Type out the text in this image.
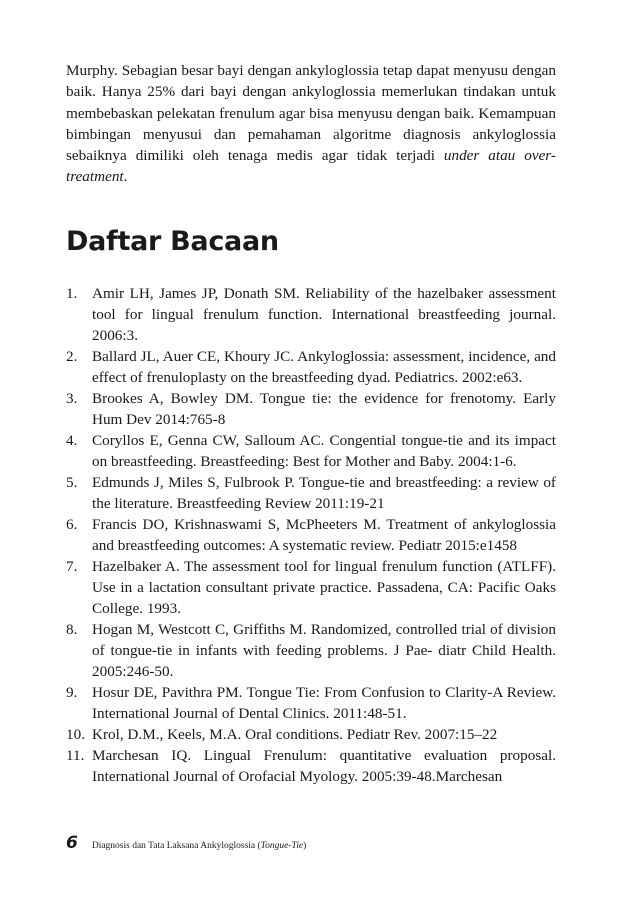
Murphy. Sebagian besar bayi dengan ankyloglossia tetap dapat menyusu dengan baik. Hanya 25% dari bayi dengan ankyloglossia memerlukan tindakan untuk membebaskan pelekatan frenulum agar bisa menyusu dengan baik. Kemampuan bimbingan menyusui dan pemahaman algoritme diagnosis ankyloglossia sebaiknya dimiliki oleh tenaga medis agar tidak terjadi under atau over-treatment.

Daftar Bacaan
1. Amir LH, James JP, Donath SM. Reliability of the hazelbaker assessment tool for lingual frenulum function. International breastfeeding journal. 2006:3.
2. Ballard JL, Auer CE, Khoury JC. Ankyloglossia: assessment, incidence, and effect of frenuloplasty on the breastfeeding dyad. Pediatrics. 2002:e63.
3. Brookes A, Bowley DM. Tongue tie: the evidence for frenotomy. Early Hum Dev 2014:765-8
4. Coryllos E, Genna CW, Salloum AC. Congential tongue-tie and its impact on breastfeeding. Breastfeeding: Best for Mother and Baby. 2004:1-6.
5. Edmunds J, Miles S, Fulbrook P. Tongue-tie and breastfeeding: a review of the literature. Breastfeeding Review 2011:19-21
6. Francis DO, Krishnaswami S, McPheeters M. Treatment of ankyloglossia and breastfeeding outcomes: A systematic review. Pediatr 2015:e1458
7. Hazelbaker A. The assessment tool for lingual frenulum function (ATLFF). Use in a lactation consultant private practice. Passadena, CA: Pacific Oaks College. 1993.
8. Hogan M, Westcott C, Griffiths M. Randomized, controlled trial of division of tongue-tie in infants with feeding problems. J Pae- diatr Child Health. 2005:246-50.
9. Hosur DE, Pavithra PM. Tongue Tie: From Confusion to Clarity-A Review. International Journal of Dental Clinics. 2011:48-51.
10. Krol, D.M., Keels, M.A. Oral conditions. Pediatr Rev. 2007:15–22
11. Marchesan IQ. Lingual Frenulum: quantitative evaluation proposal. International Journal of Orofacial Myology. 2005:39-48.Marchesan
6 Diagnosis dan Tata Laksana Ankyloglossia (Tongue-Tie)
